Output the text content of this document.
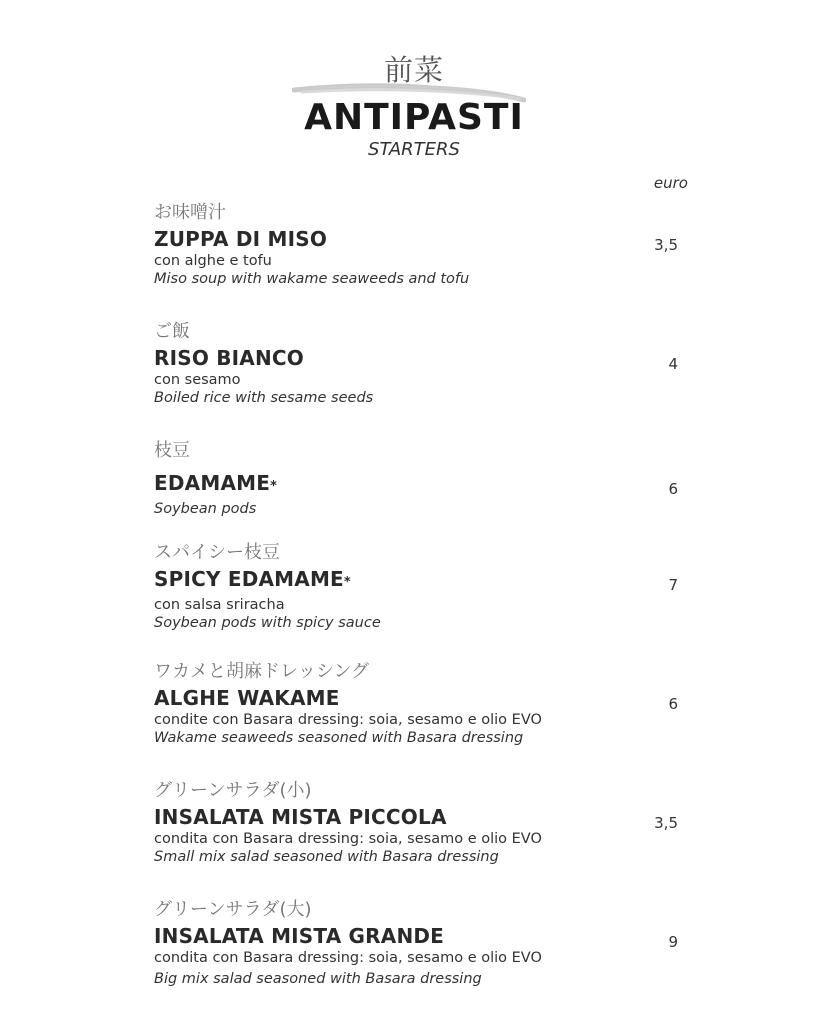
前菜
ANTIPASTI
STARTERS
euro
お味噌汁
ZUPPA DI MISO
con alghe e tofu
Miso soup with wakame seaweeds and tofu
3,5
ご飯
RISO BIANCO
con sesamo
Boiled rice with sesame seeds
4
枝豆
EDAMAME*
Soybean pods
6
スパイシー枝豆
SPICY EDAMAME*
con salsa sriracha
Soybean pods with spicy sauce
7
ワカメと胡麻ドレッシング
ALGHE WAKAME
condite con Basara dressing: soia, sesamo e olio EVO
Wakame seaweeds seasoned with Basara dressing
6
グリーンサラダ(小)
INSALATA MISTA PICCOLA
condita con Basara dressing: soia, sesamo e olio EVO
Small mix salad seasoned with Basara dressing
3,5
グリーンサラダ(大)
INSALATA MISTA GRANDE
condita con Basara dressing: soia, sesamo e olio EVO
Big mix salad seasoned with Basara dressing
9
